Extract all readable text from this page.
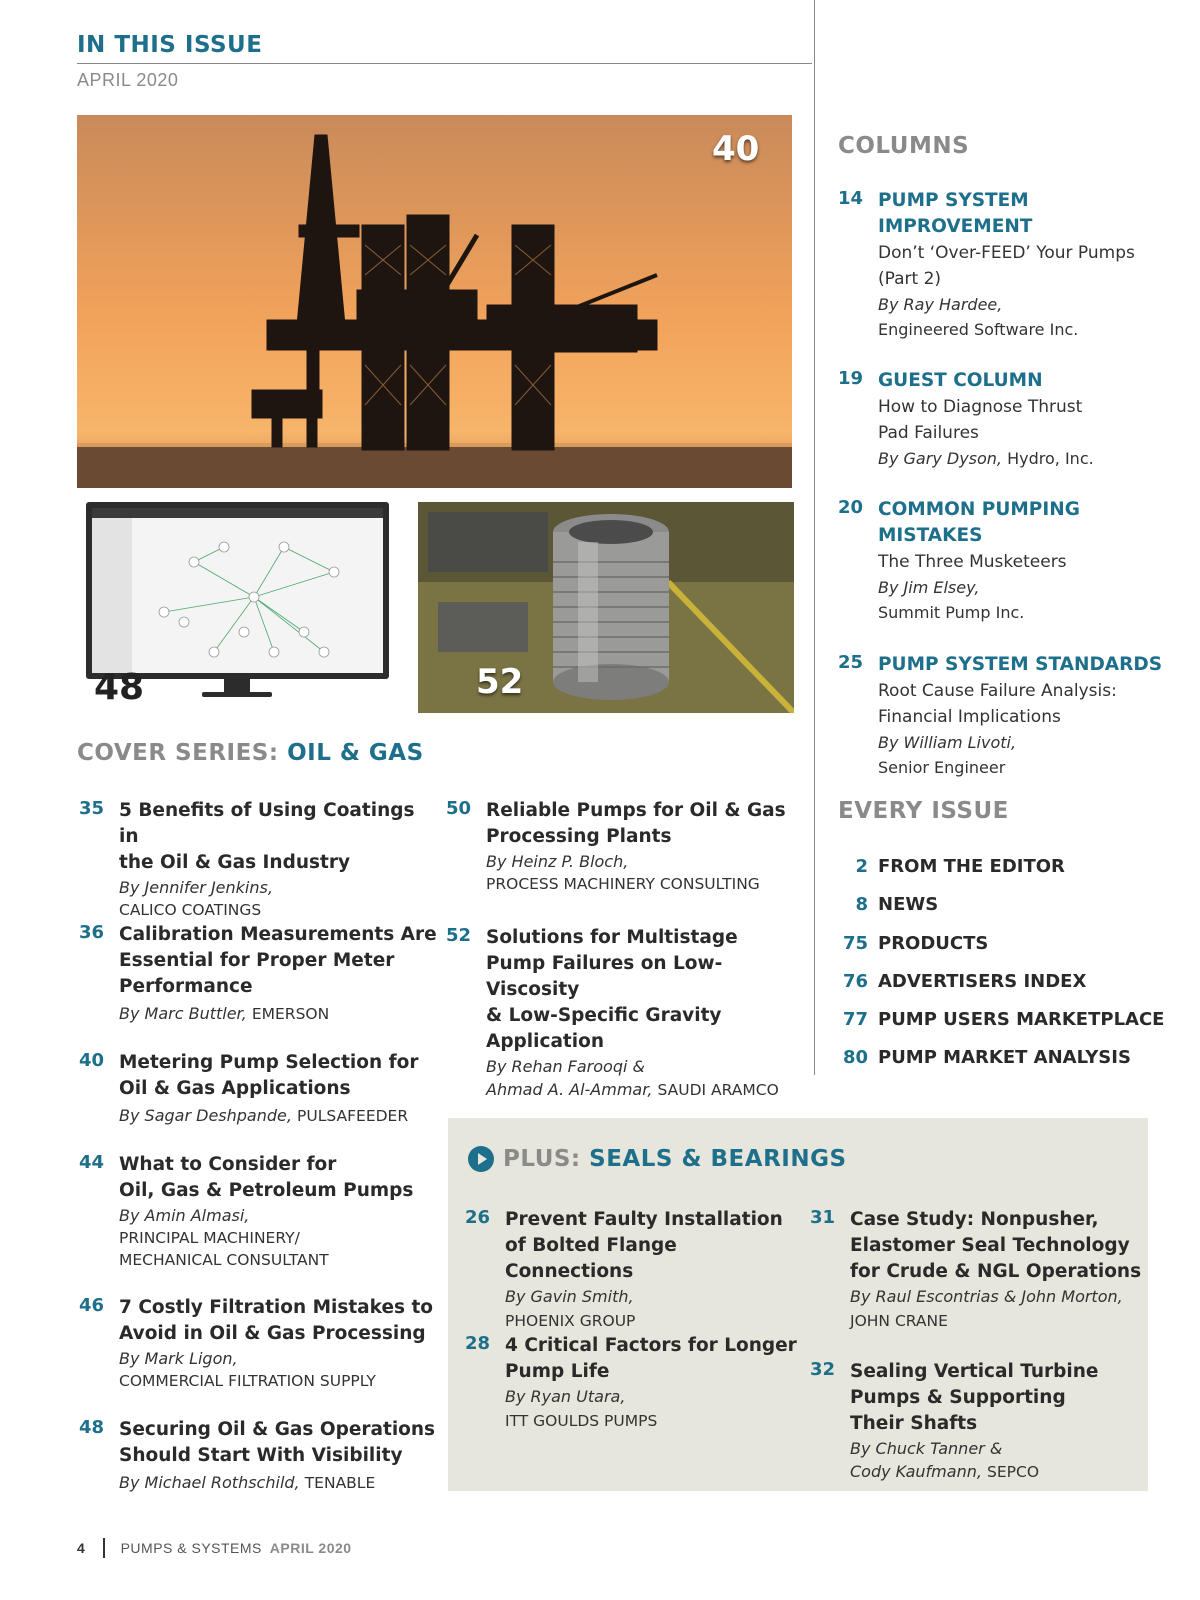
IN THIS ISSUE
APRIL 2020
40
48	52
COVER SERIES: OIL & GAS
35 5 Benefits of Using Coatings in
the Oil & Gas Industry
By Jennifer Jenkins,
CALICO COATINGS
36 Calibration Measurements Are
Essential for Proper Meter
Performance
By Marc Buttler, EMERSON
40 Metering Pump Selection for
Oil & Gas Applications
By Sagar Deshpande, PULSAFEEDER
44 What to Consider for
Oil, Gas & Petroleum Pumps
By Amin Almasi,
PRINCIPAL MACHINERY/
MECHANICAL CONSULTANT
46 7 Costly Filtration Mistakes to
Avoid in Oil & Gas Processing
By Mark Ligon,
COMMERCIAL FILTRATION SUPPLY
48 Securing Oil & Gas Operations
Should Start With Visibility
By Michael Rothschild, TENABLE
50 Reliable Pumps for Oil & Gas
Processing Plants
By Heinz P. Bloch,
PROCESS MACHINERY CONSULTING
52 Solutions for Multistage
Pump Failures on Low-Viscosity
& Low-Specific Gravity
Application
By Rehan Farooqi &
Ahmad A. Al-Ammar, SAUDI ARAMCO
COLUMNS
14 PUMP SYSTEM
IMPROVEMENT
Don’t ‘Over-FEED’ Your Pumps
(Part 2)
By Ray Hardee,
Engineered Software Inc.
19 GUEST COLUMN
How to Diagnose Thrust
Pad Failures
By Gary Dyson, Hydro, Inc.
20 COMMON PUMPING
MISTAKES
The Three Musketeers
By Jim Elsey,
Summit Pump Inc.
25 PUMP SYSTEM STANDARDS
Root Cause Failure Analysis:
Financial Implications
By William Livoti,
Senior Engineer
EVERY ISSUE
2 FROM THE EDITOR
8 NEWS
75 PRODUCTS
76 ADVERTISERS INDEX
77 PUMP USERS MARKETPLACE
80 PUMP MARKET ANALYSIS
PLUS: SEALS & BEARINGS
26 Prevent Faulty Installation
of Bolted Flange Connections
By Gavin Smith,
PHOENIX GROUP
28 4 Critical Factors for Longer
Pump Life
By Ryan Utara,
ITT GOULDS PUMPS
31 Case Study: Nonpusher,
Elastomer Seal Technology
for Crude & NGL Operations
By Raul Escontrias & John Morton,
JOHN CRANE
32 Sealing Vertical Turbine
Pumps & Supporting
Their Shafts
By Chuck Tanner &
Cody Kaufmann, SEPCO
4	PUMPS & SYSTEMS APRIL 2020
